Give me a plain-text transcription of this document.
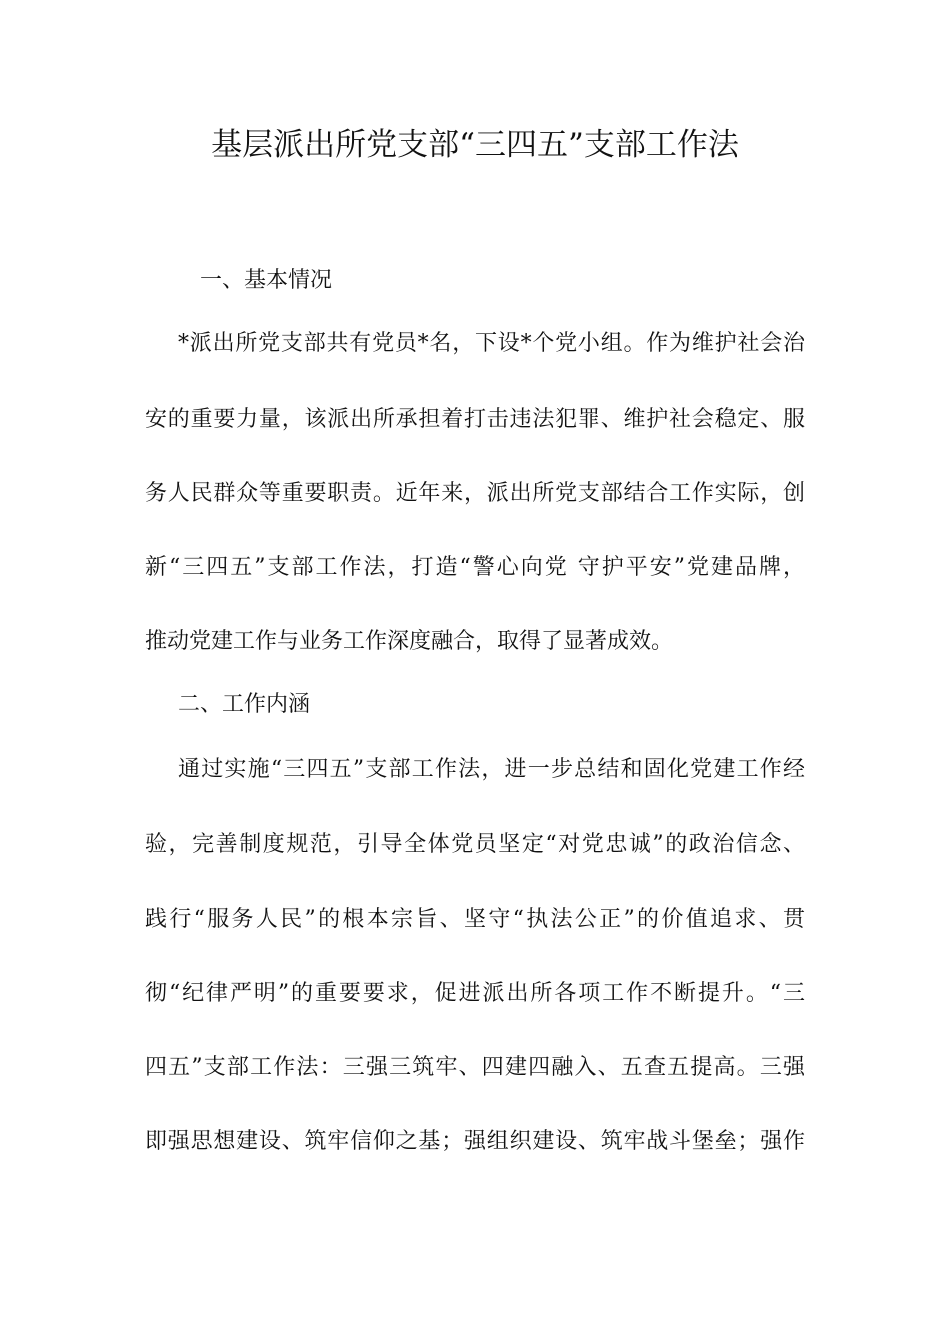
基层派出所党支部“三四五”支部工作法
一、基本情况
*派出所党支部共有党员*名，下设*个党小组。作为维护社会治
安的重要力量，该派出所承担着打击违法犯罪、维护社会稳定、服
务人民群众等重要职责。近年来，派出所党支部结合工作实际，创
新“三四五”支部工作法，打造“警心向党 守护平安”党建品牌，
推动党建工作与业务工作深度融合，取得了显著成效。
二、工作内涵
通过实施“三四五”支部工作法，进一步总结和固化党建工作经
验，完善制度规范，引导全体党员坚定“对党忠诚”的政治信念、
践行“服务人民”的根本宗旨、坚守“执法公正”的价值追求、贯
彻“纪律严明”的重要要求，促进派出所各项工作不断提升。“三
四五”支部工作法：三强三筑牢、四建四融入、五查五提高。三强
即强思想建设、筑牢信仰之基；强组织建设、筑牢战斗堡垒；强作
